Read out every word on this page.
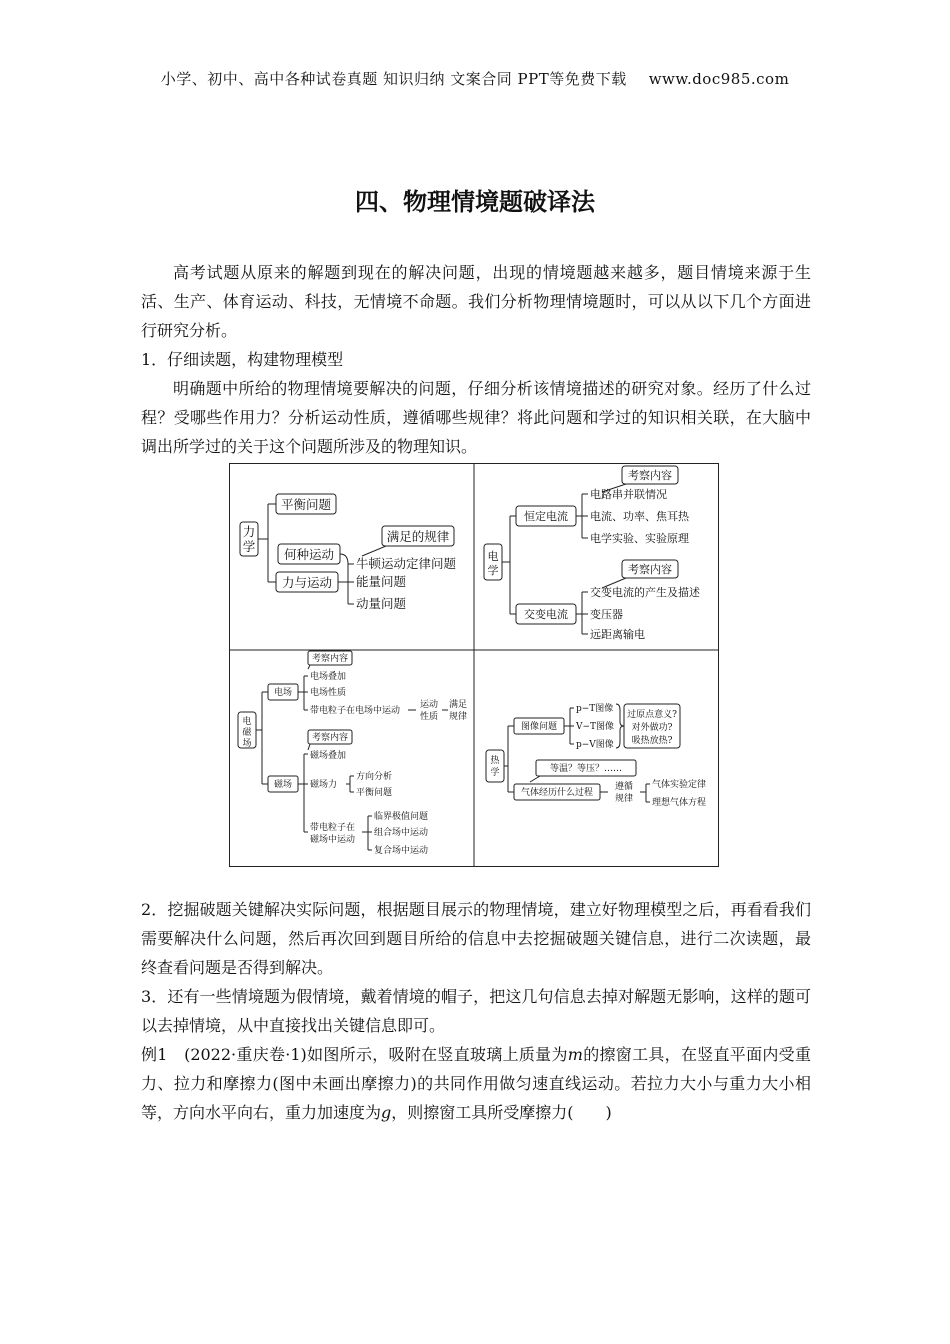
小学、初中、高中各种试卷真题 知识归纳 文案合同 PPT等免费下载 www.doc985.com
四、物理情境题破译法

高考试题从原来的解题到现在的解决问题，出现的情境题越来越多，题目情境来源于生活、生产、体育运动、科技，无情境不命题。我们分析物理情境题时，可以从以下几个方面进行研究分析。

1．仔细读题，构建物理模型

明确题中所给的物理情境要解决的问题，仔细分析该情境描述的研究对象。经历了什么过程？受哪些作用力？分析运动性质，遵循哪些规律？将此问题和学过的知识相关联，在大脑中调出所学过的关于这个问题所涉及的物理知识。

力
学
平衡问题
何种运动
力与运动
满足的规律
牛顿运动定律问题
能量问题
动量问题
电
学
考察内容
恒定电流
电路串并联情况
电流、功率、焦耳热
电学实验、实验原理
考察内容
交变电流
交变电流的产生及描述
变压器
远距离输电
电
磁
场
考察内容
电场
电场叠加
电场性质
带电粒子在电场中运动
运动
性质
满足
规律
考察内容
磁场
磁场叠加
磁场力
方向分析
平衡问题
带电粒子在
磁场中运动
临界极值问题
组合场中运动
复合场中运动
热
学
图像问题
p−T图像
V−T图像
p−V图像
过原点意义?
对外做功?
吸热放热?
等温？等压？……
气体经历什么过程
遵循
规律
气体实验定律
理想气体方程

2．挖掘破题关键解决实际问题，根据题目展示的物理情境，建立好物理模型之后，再看看我们需要解决什么问题，然后再次回到题目所给的信息中去挖掘破题关键信息，进行二次读题，最终查看问题是否得到解决。

3．还有一些情境题为假情境，戴着情境的帽子，把这几句信息去掉对解题无影响，这样的题可以去掉情境，从中直接找出关键信息即可。

例1　 (2022·重庆卷·1)如图所示，吸附在竖直玻璃上质量为m的擦窗工具，在竖直平面内受重力、拉力和摩擦力(图中未画出摩擦力)的共同作用做匀速直线运动。若拉力大小与重力大小相等，方向水平向右，重力加速度为g，则擦窗工具所受摩擦力(　　)
